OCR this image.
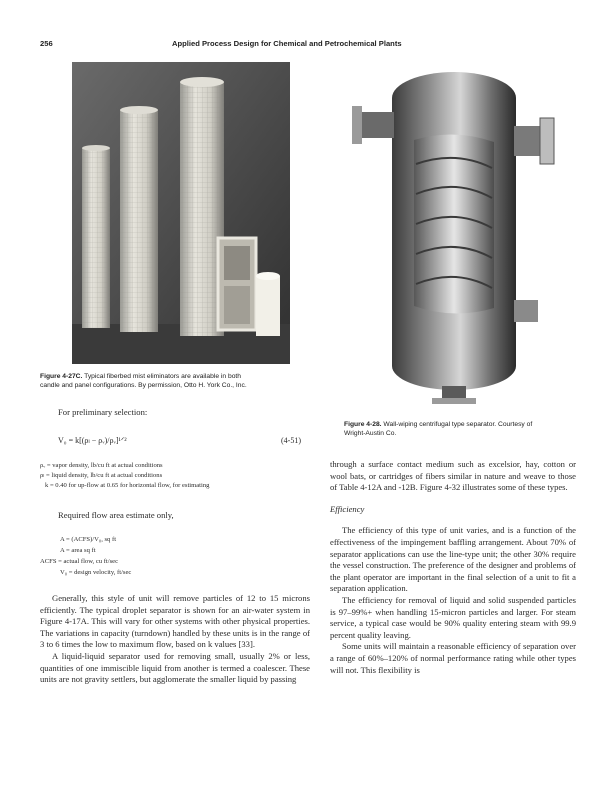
256	Applied Process Design for Chemical and Petrochemical Plants
Figure 4-27C. Typical fiberbed mist eliminators are available in both
candle and panel configurations. By permission, Otto H. York Co., Inc.
Figure 4-28. Wall-wiping centrifugal type separator. Courtesy of
Wright-Austin Co.
For preliminary selection:
V₀ = k[(ρₗ − ρᵥ)/ρᵥ]¹ᐟ²	(4-51)
ρᵥ = vapor density, lb/cu ft at actual conditions
ρₗ = liquid density, lb/cu ft at actual conditions
k = 0.40 for up-flow at 0.65 for horizontal flow, for estimating
Required flow area estimate only,
A = (ACFS)/V₀, sq ft
A = area sq ft
ACFS = actual flow, cu ft/sec
V₀ = design velocity, ft/sec

Generally, this style of unit will remove particles of 12 to 15 microns efficiently. The typical droplet separator is shown for an air-water system in Figure 4-17A. This will vary for other systems with other physical properties. The variations in capacity (turndown) handled by these units is in the range of 3 to 6 times the low to maximum flow, based on k values [33].

A liquid-liquid separator used for removing small, usually 2% or less, quantities of one immiscible liquid from another is termed a coalescer. These units are not gravity settlers, but agglomerate the smaller liquid by passing

through a surface contact medium such as excelsior, hay, cotton or wool bats, or cartridges of fibers similar in nature and weave to those of Table 4-12A and -12B. Figure 4-32 illustrates some of these types.

Efficiency

The efficiency of this type of unit varies, and is a function of the effectiveness of the impingement baffling arrangement. About 70% of separator applications can use the line-type unit; the other 30% require the vessel construction. The preference of the designer and problems of the plant operator are important in the final selection of a unit to fit a separation application.

The efficiency for removal of liquid and solid suspended particles is 97–99%+ when handling 15-micron particles and larger. For steam service, a typical case would be 90% quality entering steam with 99.9 percent quality leaving.

Some units will maintain a reasonable efficiency of separation over a range of 60%–120% of normal performance rating while other types will not. This flexibility is
